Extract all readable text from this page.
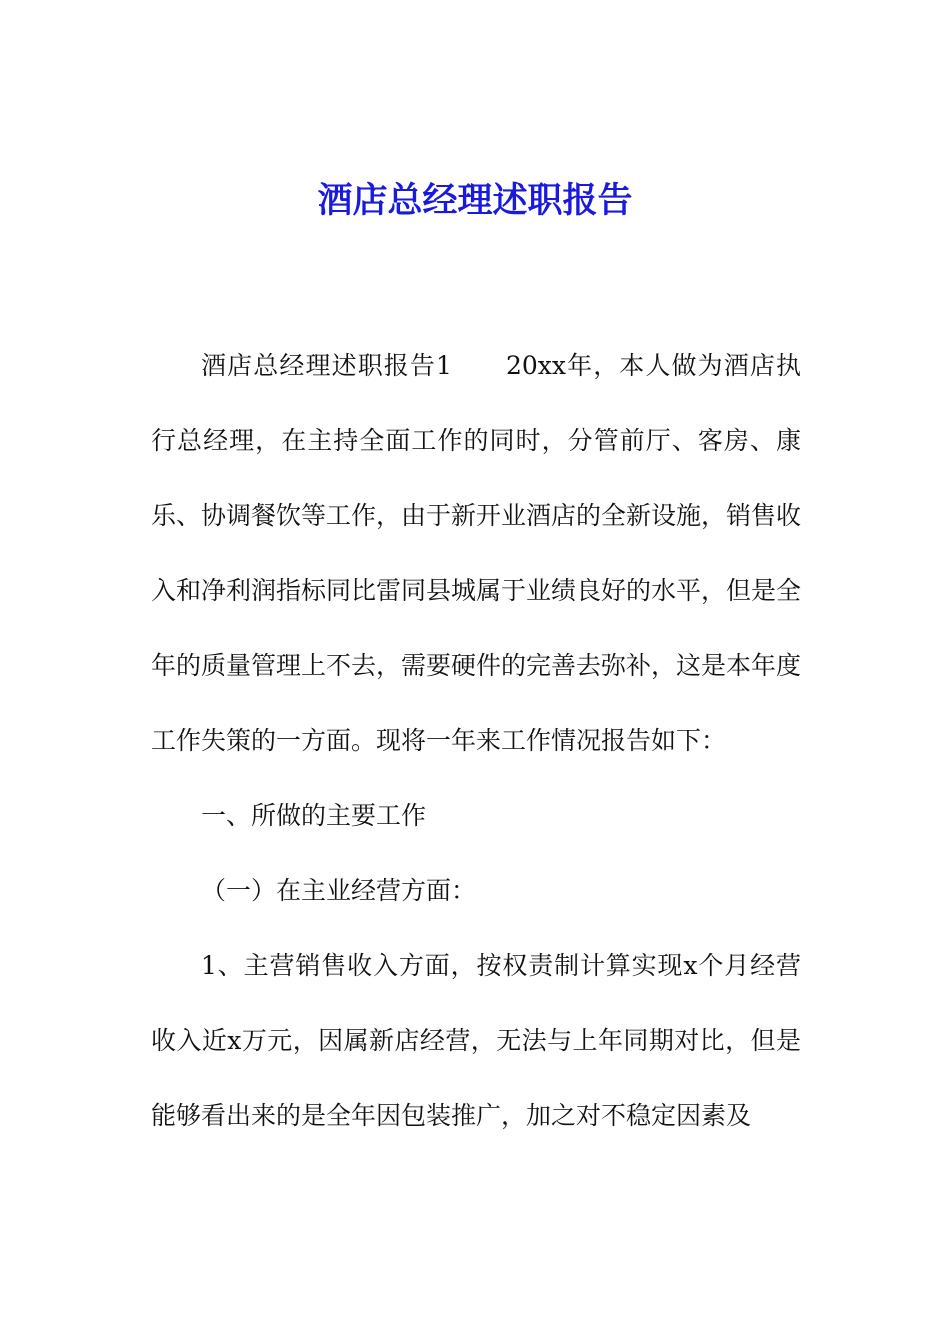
酒店总经理述职报告

酒店总经理述职报告1 20xx年，本人做为酒店执行总经理，在主持全面工作的同时，分管前厅、客房、康乐、协调餐饮等工作，由于新开业酒店的全新设施，销售收入和净利润指标同比雷同县城属于业绩良好的水平，但是全年的质量管理上不去，需要硬件的完善去弥补，这是本年度工作失策的一方面。现将一年来工作情况报告如下：

一、所做的主要工作

（一）在主业经营方面：

1、主营销售收入方面，按权责制计算实现x个月经营收入近x万元，因属新店经营，无法与上年同期对比，但是能够看出来的是全年因包装推广，加之对不稳定因素及
